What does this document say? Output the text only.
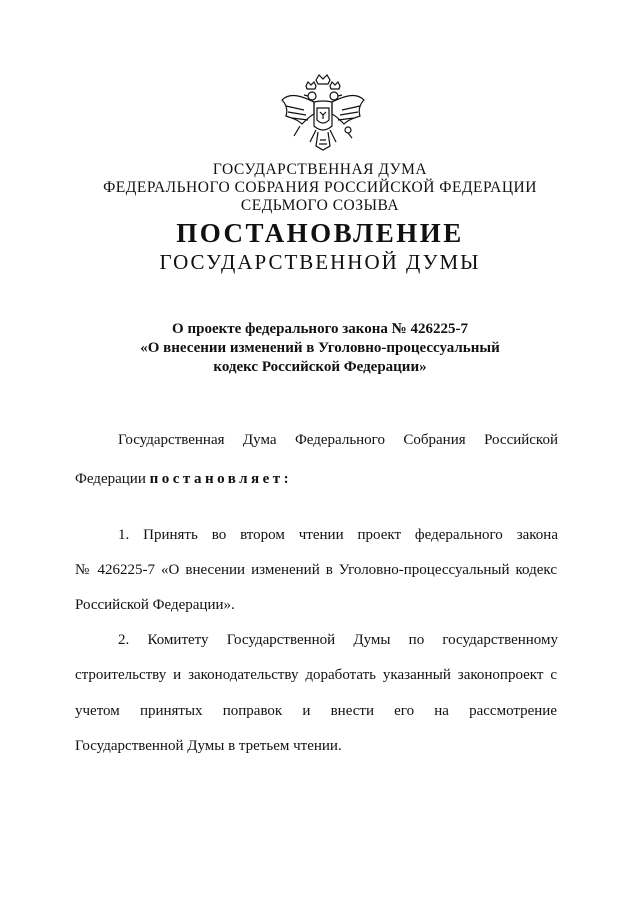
ГОСУДАРСТВЕННАЯ ДУМА
ФЕДЕРАЛЬНОГО СОБРАНИЯ РОССИЙСКОЙ ФЕДЕРАЦИИ
СЕДЬМОГО СОЗЫВА
ПОСТАНОВЛЕНИЕ
ГОСУДАРСТВЕННОЙ ДУМЫ
О проекте федерального закона № 426225-7
«О внесении изменений в Уголовно-процессуальный
кодекс Российской Федерации»
Государственная Дума Федерального Собрания Российской
Федерации постановляет:
1. Принять во втором чтении проект федерального закона
№ 426225-7 «О внесении изменений в Уголовно-процессуальный кодекс
Российской Федерации».
2. Комитету Государственной Думы по государственному
строительству и законодательству доработать указанный законопроект с
учетом принятых поправок и внести его на рассмотрение
Государственной Думы в третьем чтении.
